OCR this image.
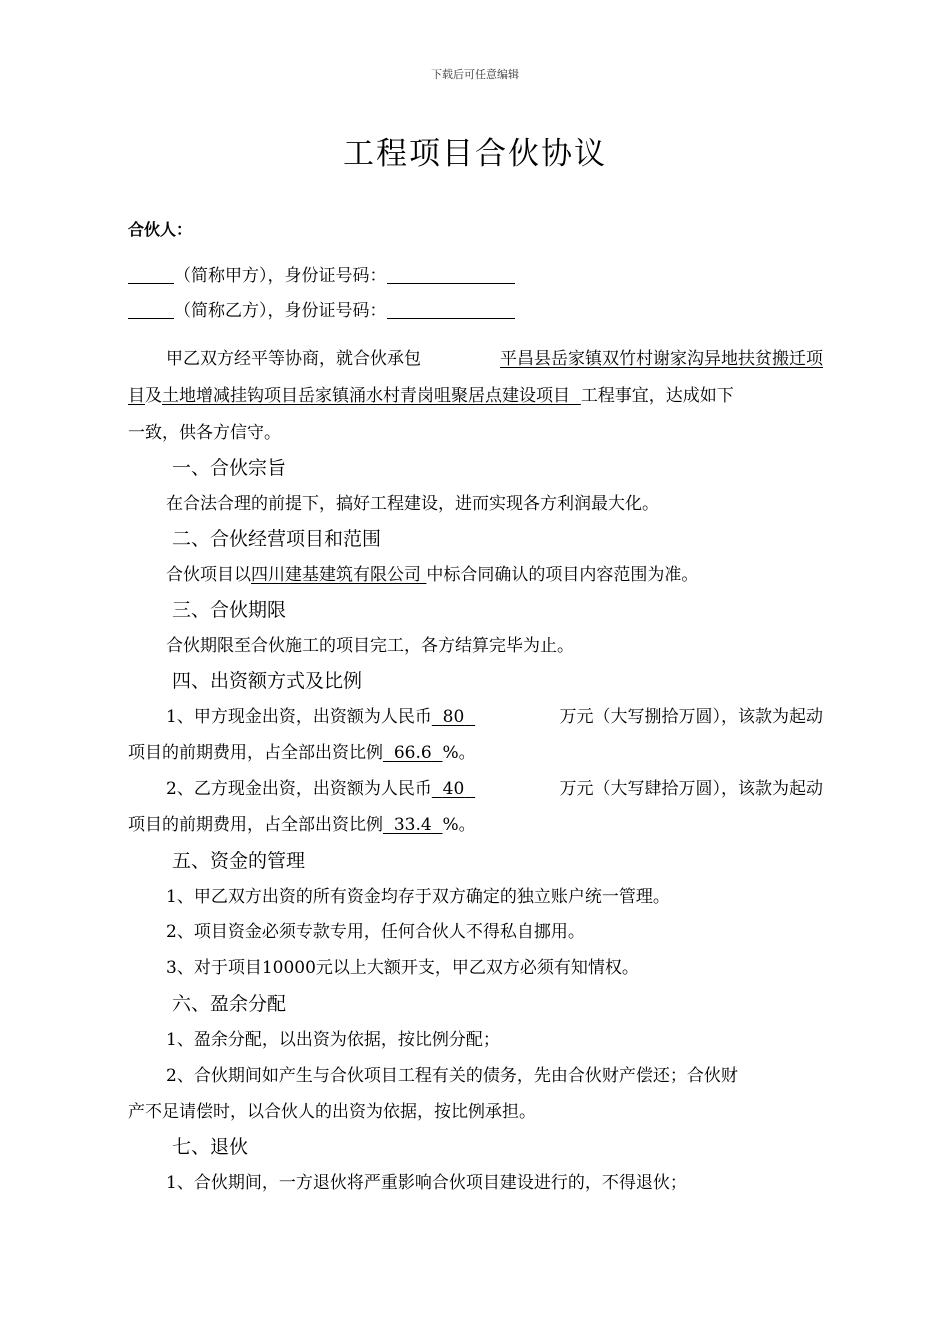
下载后可任意编辑
工程项目合伙协议
合伙人：
（简称甲方），身份证号码：
（简称乙方），身份证号码：
甲乙双方经平等协商，就合伙承包	平昌县岳家镇双竹村谢家沟异地扶贫搬迁项
目及土地增减挂钩项目岳家镇涌水村青岗咀聚居点建设项目 工程事宜，达成如下
一致，供各方信守。
一、合伙宗旨
在合法合理的前提下，搞好工程建设，进而实现各方利润最大化。
二、合伙经营项目和范围
合伙项目以四川建基建筑有限公司 中标合同确认的项目内容范围为准。
三、合伙期限
合伙期限至合伙施工的项目完工，各方结算完毕为止。
四、出资额方式及比例
1、甲方现金出资，出资额为人民币 80	万元（大写捌拾万圆），该款为起动
项目的前期费用，占全部出资比例 66.6 %。
2、乙方现金出资，出资额为人民币 40	万元（大写肆拾万圆），该款为起动
项目的前期费用，占全部出资比例 33.4 %。
五、资金的管理
1、甲乙双方出资的所有资金均存于双方确定的独立账户统一管理。
2、项目资金必须专款专用，任何合伙人不得私自挪用。
3、对于项目10000元以上大额开支，甲乙双方必须有知情权。
六、盈余分配
1、盈余分配，以出资为依据，按比例分配；
2、合伙期间如产生与合伙项目工程有关的债务，先由合伙财产偿还；合伙财
产不足请偿时，以合伙人的出资为依据，按比例承担。
七、退伙
1、合伙期间，一方退伙将严重影响合伙项目建设进行的，不得退伙；
